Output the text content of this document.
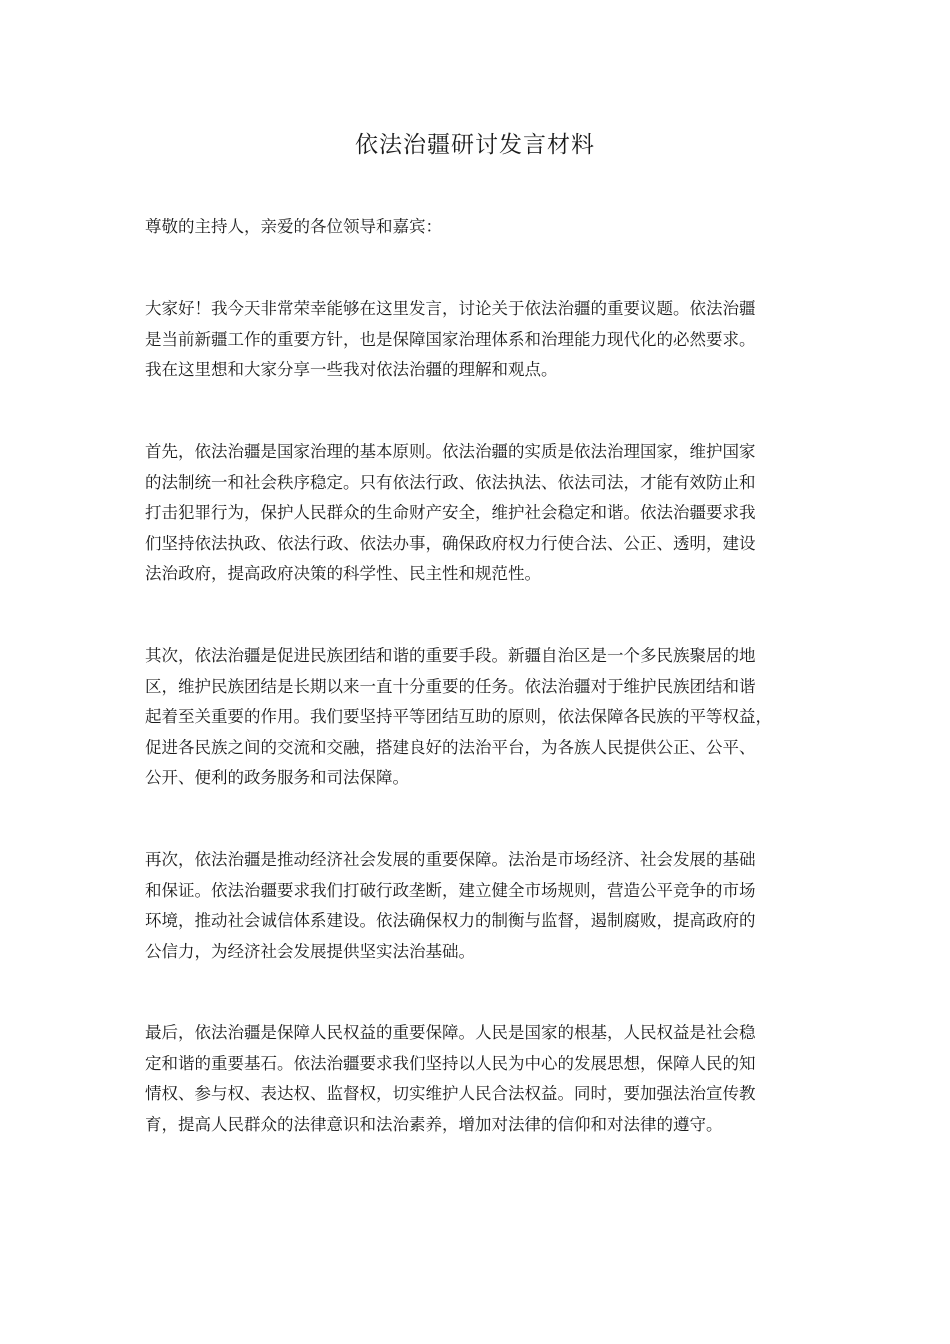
依法治疆研讨发言材料

尊敬的主持人，亲爱的各位领导和嘉宾：

大家好！我今天非常荣幸能够在这里发言，讨论关于依法治疆的重要议题。依法治疆
是当前新疆工作的重要方针，也是保障国家治理体系和治理能力现代化的必然要求。
我在这里想和大家分享一些我对依法治疆的理解和观点。

首先，依法治疆是国家治理的基本原则。依法治疆的实质是依法治理国家，维护国家
的法制统一和社会秩序稳定。只有依法行政、依法执法、依法司法，才能有效防止和
打击犯罪行为，保护人民群众的生命财产安全，维护社会稳定和谐。依法治疆要求我
们坚持依法执政、依法行政、依法办事，确保政府权力行使合法、公正、透明，建设
法治政府，提高政府决策的科学性、民主性和规范性。

其次，依法治疆是促进民族团结和谐的重要手段。新疆自治区是一个多民族聚居的地
区，维护民族团结是长期以来一直十分重要的任务。依法治疆对于维护民族团结和谐
起着至关重要的作用。我们要坚持平等团结互助的原则，依法保障各民族的平等权益，
促进各民族之间的交流和交融，搭建良好的法治平台，为各族人民提供公正、公平、
公开、便利的政务服务和司法保障。

再次，依法治疆是推动经济社会发展的重要保障。法治是市场经济、社会发展的基础
和保证。依法治疆要求我们打破行政垄断，建立健全市场规则，营造公平竞争的市场
环境，推动社会诚信体系建设。依法确保权力的制衡与监督，遏制腐败，提高政府的
公信力，为经济社会发展提供坚实法治基础。

最后，依法治疆是保障人民权益的重要保障。人民是国家的根基，人民权益是社会稳
定和谐的重要基石。依法治疆要求我们坚持以人民为中心的发展思想，保障人民的知
情权、参与权、表达权、监督权，切实维护人民合法权益。同时，要加强法治宣传教
育，提高人民群众的法律意识和法治素养，增加对法律的信仰和对法律的遵守。
